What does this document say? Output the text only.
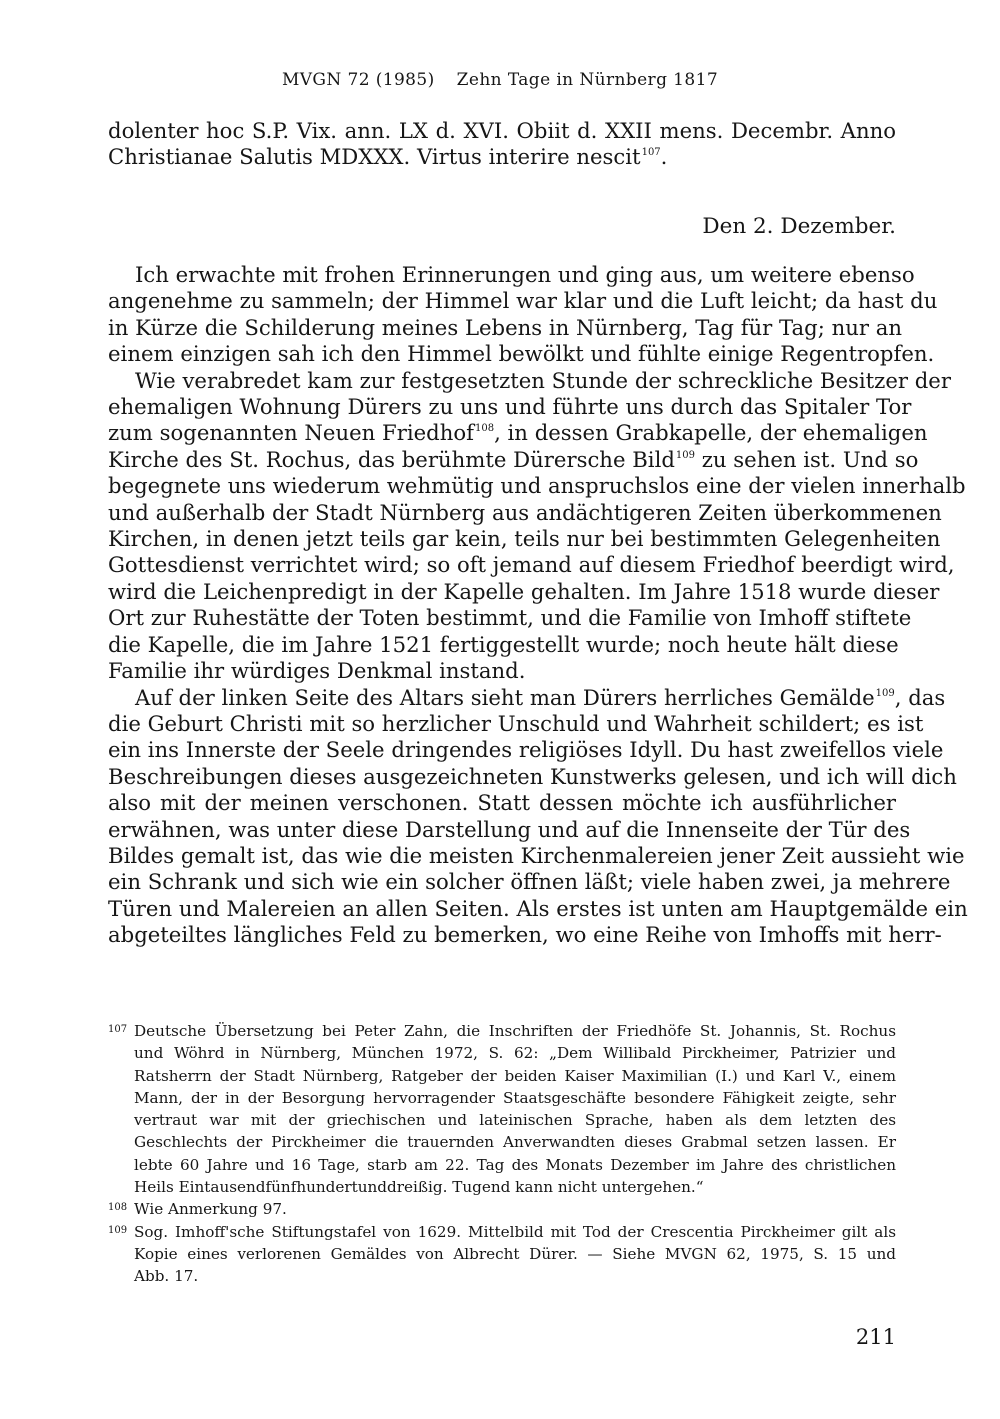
MVGN 72 (1985) Zehn Tage in Nürnberg 1817
dolenter hoc S.P. Vix. ann. LX d. XVI. Obiit d. XXII mens. Decembr. Anno
Christianae Salutis MDXXX. Virtus interire nescit$^{107}$.
Den 2. Dezember.
Ich erwachte mit frohen Erinnerungen und ging aus, um weitere ebenso
angenehme zu sammeln; der Himmel war klar und die Luft leicht; da hast du
in Kürze die Schilderung meines Lebens in Nürnberg, Tag für Tag; nur an
einem einzigen sah ich den Himmel bewölkt und fühlte einige Regentropfen.
Wie verabredet kam zur festgesetzten Stunde der schreckliche Besitzer der
ehemaligen Wohnung Dürers zu uns und führte uns durch das Spitaler Tor
zum sogenannten Neuen Friedhof$^{108}$, in dessen Grabkapelle, der ehemaligen
Kirche des St. Rochus, das berühmte Dürersche Bild$^{109}$ zu sehen ist. Und so
begegnete uns wiederum wehmütig und anspruchslos eine der vielen innerhalb
und außerhalb der Stadt Nürnberg aus andächtigeren Zeiten überkommenen
Kirchen, in denen jetzt teils gar kein, teils nur bei bestimmten Gelegenheiten
Gottesdienst verrichtet wird; so oft jemand auf diesem Friedhof beerdigt wird,
wird die Leichenpredigt in der Kapelle gehalten. Im Jahre 1518 wurde dieser
Ort zur Ruhestätte der Toten bestimmt, und die Familie von Imhoff stiftete
die Kapelle, die im Jahre 1521 fertiggestellt wurde; noch heute hält diese
Familie ihr würdiges Denkmal instand.
Auf der linken Seite des Altars sieht man Dürers herrliches Gemälde$^{109}$, das
die Geburt Christi mit so herzlicher Unschuld und Wahrheit schildert; es ist
ein ins Innerste der Seele dringendes religiöses Idyll. Du hast zweifellos viele
Beschreibungen dieses ausgezeichneten Kunstwerks gelesen, und ich will dich
also mit der meinen verschonen. Statt dessen möchte ich ausführlicher
erwähnen, was unter diese Darstellung und auf die Innenseite der Tür des
Bildes gemalt ist, das wie die meisten Kirchenmalereien jener Zeit aussieht wie
ein Schrank und sich wie ein solcher öffnen läßt; viele haben zwei, ja mehrere
Türen und Malereien an allen Seiten. Als erstes ist unten am Hauptgemälde ein
abgeteiltes längliches Feld zu bemerken, wo eine Reihe von Imhoffs mit herr-
107 Deutsche Übersetzung bei Peter Zahn, die Inschriften der Friedhöfe St. Johannis, St. Rochus
und Wöhrd in Nürnberg, München 1972, S. 62: „Dem Willibald Pirckheimer, Patrizier und
Ratsherrn der Stadt Nürnberg, Ratgeber der beiden Kaiser Maximilian (I.) und Karl V., einem
Mann, der in der Besorgung hervorragender Staatsgeschäfte besondere Fähigkeit zeigte, sehr
vertraut war mit der griechischen und lateinischen Sprache, haben als dem letzten des
Geschlechts der Pirckheimer die trauernden Anverwandten dieses Grabmal setzen lassen. Er
lebte 60 Jahre und 16 Tage, starb am 22. Tag des Monats Dezember im Jahre des christlichen
Heils Eintausendfünfhundertunddreißig. Tugend kann nicht untergehen.“
108 Wie Anmerkung 97.
109 Sog. Imhoff'sche Stiftungstafel von 1629. Mittelbild mit Tod der Crescentia Pirckheimer gilt als
Kopie eines verlorenen Gemäldes von Albrecht Dürer. — Siehe MVGN 62, 1975, S. 15 und
Abb. 17.
211
